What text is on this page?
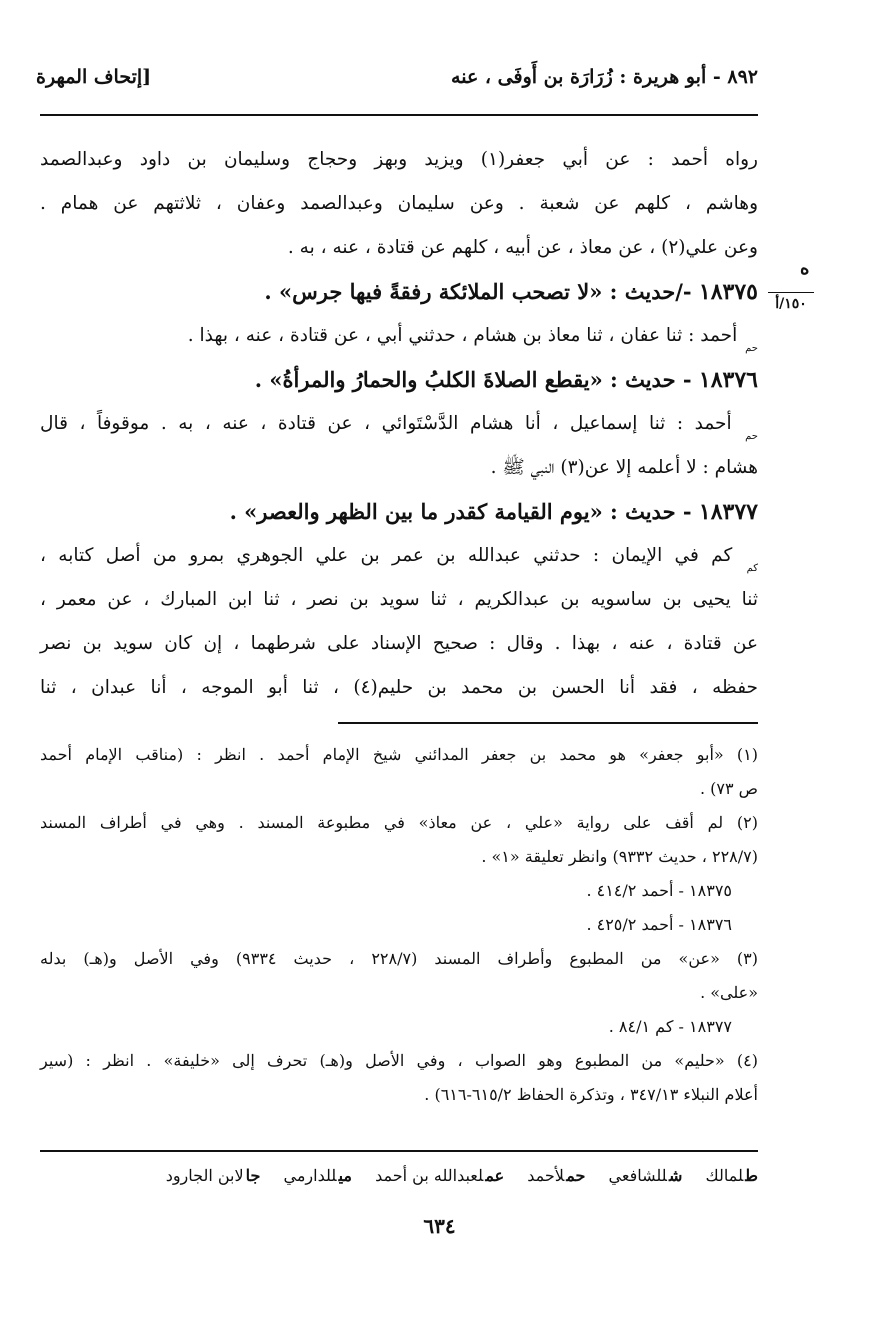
٨٩٢ - أبو هريرة : زُرَارَة بن أَوفَى ، عنه
[إتحاف المهرة
ه
١٥٠/أ
رواه أحمد : عن أبي جعفر(١) ويزيد وبهز وحجاج وسليمان بن داود وعبدالصمد
وهاشم ، كلهم عن شعبة . وعن سليمان وعبدالصمد وعفان ، ثلاثتهم عن همام .
وعن علي(٢) ، عن معاذ ، عن أبيه ، كلهم عن قتادة ، عنه ، به .
١٨٣٧٥ -/حديث : «لا تصحب الملائكة رفقةً فيها جرس» .
$_{حم}$ أحمد : ثنا عفان ، ثنا معاذ بن هشام ، حدثني أبي ، عن قتادة ، عنه ، بهذا .
١٨٣٧٦ - حديث : «يقطع الصلاةَ الكلبُ والحمارُ والمرأةُ» .
$_{حم}$ أحمد : ثنا إسماعيل ، أنا هشام الدَّسْتَوائي ، عن قتادة ، عنه ، به . موقوفاً ، قال
هشام : لا أعلمه إلا عن(٣) النبي ﷺ .
١٨٣٧٧ - حديث : «يوم القيامة كقدر ما بين الظهر والعصر» .
$_{كم}$ كم في الإيمان : حدثني عبدالله بن عمر بن علي الجوهري بمرو من أصل كتابه ،
ثنا يحيى بن ساسويه بن عبدالكريم ، ثنا سويد بن نصر ، ثنا ابن المبارك ، عن معمر ،
عن قتادة ، عنه ، بهذا . وقال : صحيح الإسناد على شرطهما ، إن كان سويد بن نصر
حفظه ، فقد أنا الحسن بن محمد بن حليم(٤) ، ثنا أبو الموجه ، أنا عبدان ، ثنا
(١) «أبو جعفر» هو محمد بن جعفر المدائني شيخ الإمام أحمد . انظر : (مناقب الإمام أحمد
ص ٧٣) .
(٢) لم أقف على رواية «علي ، عن معاذ» في مطبوعة المسند . وهي في أطراف المسند
(٢٢٨/٧ ، حديث ٩٣٣٢) وانظر تعليقة «١» .
١٨٣٧٥ - أحمد ٤١٤/٢ .
١٨٣٧٦ - أحمد ٤٢٥/٢ .
(٣) «عن» من المطبوع وأطراف المسند (٢٢٨/٧ ، حديث ٩٣٣٤) وفي الأصل و(هـ) بدله
«على» .
١٨٣٧٧ - كم ٨٤/١ .
(٤) «حليم» من المطبوع وهو الصواب ، وفي الأصل و(هـ) تحرف إلى «خليفة» . انظر : (سير
أعلام النبلاء ٣٤٧/١٣ ، وتذكرة الحفاظ ٦١٥/٢-٦١٦) .
طلمالك شللشافعي حملأحمد عملعبدالله بن أحمد ميللدارمي جالابن الجارود
٦٣٤
